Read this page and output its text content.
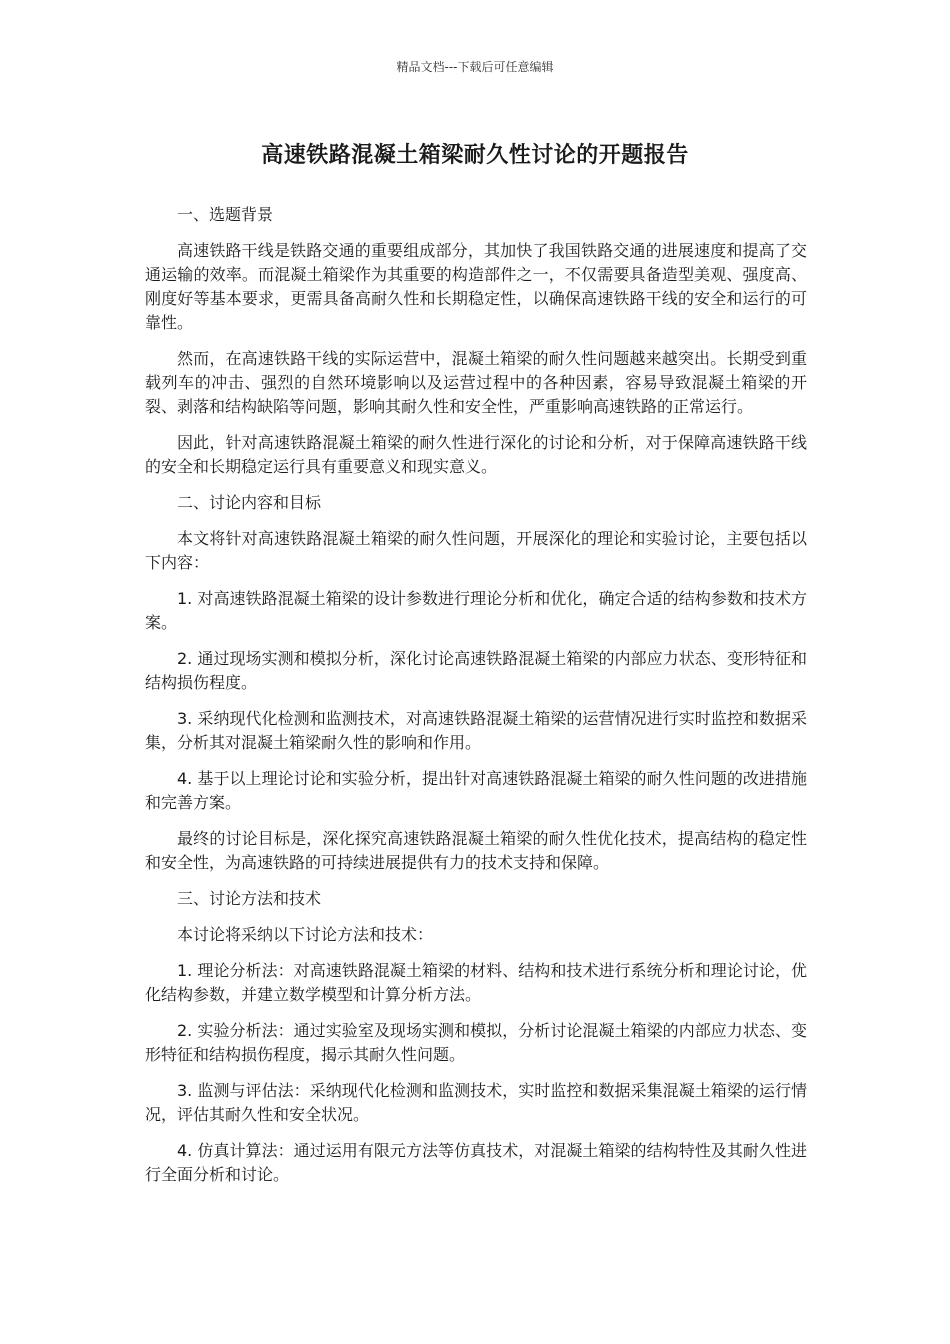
精品文档---下载后可任意编辑
高速铁路混凝土箱梁耐久性讨论的开题报告

一、选题背景

高速铁路干线是铁路交通的重要组成部分，其加快了我国铁路交通的进展速度和提高了交通运输的效率。而混凝土箱梁作为其重要的构造部件之一，不仅需要具备造型美观、强度高、刚度好等基本要求，更需具备高耐久性和长期稳定性，以确保高速铁路干线的安全和运行的可靠性。

然而，在高速铁路干线的实际运营中，混凝土箱梁的耐久性问题越来越突出。长期受到重载列车的冲击、强烈的自然环境影响以及运营过程中的各种因素，容易导致混凝土箱梁的开裂、剥落和结构缺陷等问题，影响其耐久性和安全性，严重影响高速铁路的正常运行。

因此，针对高速铁路混凝土箱梁的耐久性进行深化的讨论和分析，对于保障高速铁路干线的安全和长期稳定运行具有重要意义和现实意义。

二、讨论内容和目标

本文将针对高速铁路混凝土箱梁的耐久性问题，开展深化的理论和实验讨论，主要包括以下内容：

1. 对高速铁路混凝土箱梁的设计参数进行理论分析和优化，确定合适的结构参数和技术方案。

2. 通过现场实测和模拟分析，深化讨论高速铁路混凝土箱梁的内部应力状态、变形特征和结构损伤程度。

3. 采纳现代化检测和监测技术，对高速铁路混凝土箱梁的运营情况进行实时监控和数据采集，分析其对混凝土箱梁耐久性的影响和作用。

4. 基于以上理论讨论和实验分析，提出针对高速铁路混凝土箱梁的耐久性问题的改进措施和完善方案。

最终的讨论目标是，深化探究高速铁路混凝土箱梁的耐久性优化技术，提高结构的稳定性和安全性，为高速铁路的可持续进展提供有力的技术支持和保障。

三、讨论方法和技术

本讨论将采纳以下讨论方法和技术：

1. 理论分析法：对高速铁路混凝土箱梁的材料、结构和技术进行系统分析和理论讨论，优化结构参数，并建立数学模型和计算分析方法。

2. 实验分析法：通过实验室及现场实测和模拟，分析讨论混凝土箱梁的内部应力状态、变形特征和结构损伤程度，揭示其耐久性问题。

3. 监测与评估法：采纳现代化检测和监测技术，实时监控和数据采集混凝土箱梁的运行情况，评估其耐久性和安全状况。

4. 仿真计算法：通过运用有限元方法等仿真技术，对混凝土箱梁的结构特性及其耐久性进行全面分析和讨论。
